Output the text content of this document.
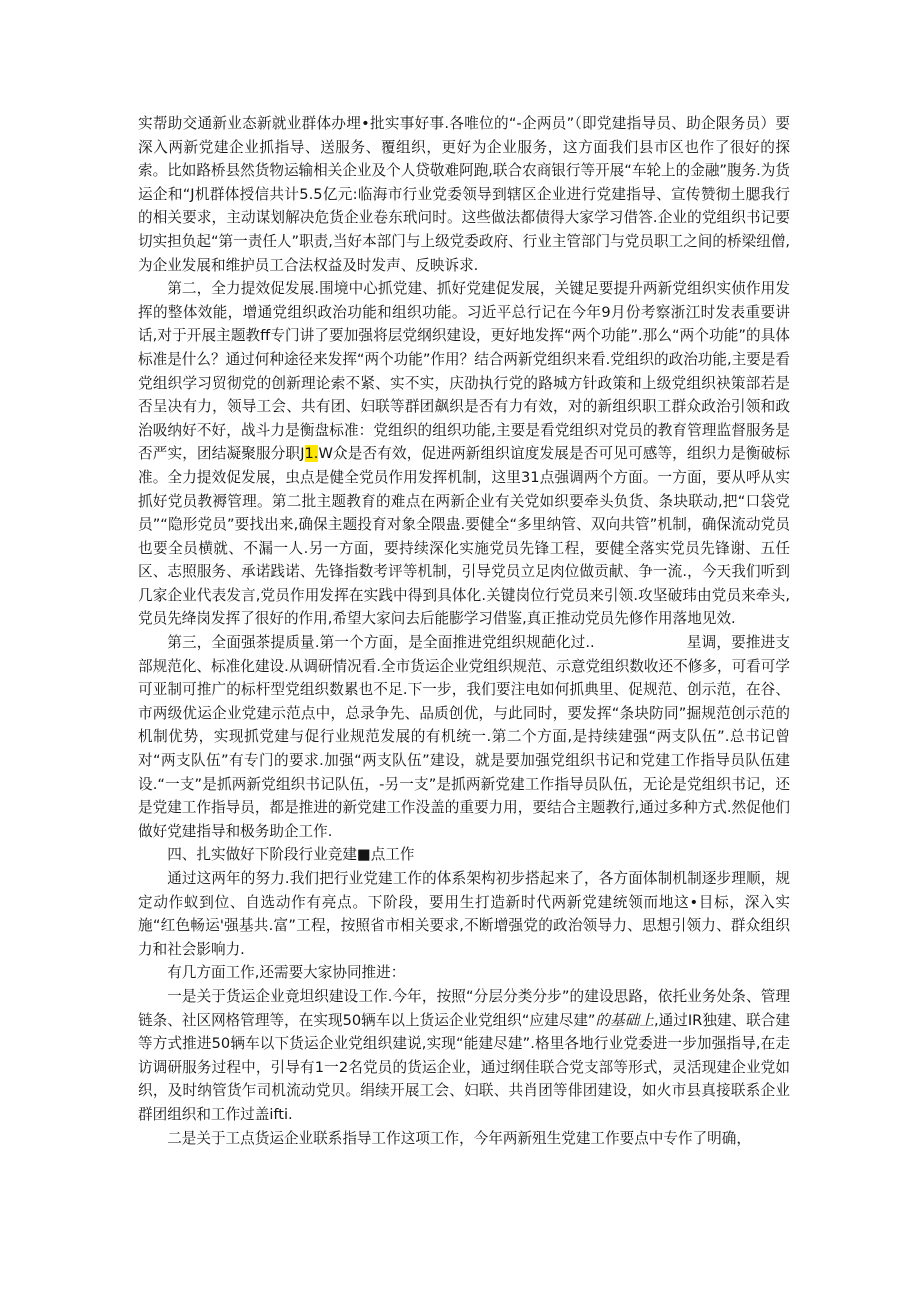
实帮助交通新业态新就业群体办埋•批实事好事.各唯位的“-企两员”（即党建指导员、助企限务员）要深入两新党建企业抓指导、送服务、覆组织，更好为企业服务，这方面我们县市区也作了很好的探索。比如路桥县然货物运输相关企业及个人贷敬难阿跑,联合农商银行等开展“车轮上的金融”腹务.为货运企和“J机群体授信共计5.5亿元:临海市行业党委领导到辖区企业进行党建指导、宣传赞彻土腮我行的相关要求，主动谋划解决危货企业卷东玳问时。这些做法都债得大家学习借答.企业的党组织书记要切实担负起“第一责任人”职责,当好本部门与上级党委政府、行业主管部门与党员职工之间的桥梁纽僧,为企业发展和维护员工合法权益及时发声、反映诉求.

第二，全力提效促发展.围境中心抓党建、抓好党建促发展，关键足要提升两新党组织实侦作用发挥的整体效能，增通党组织政治功能和组织功能。习近平总行记在今年9月份考察浙江时发表重要讲话,对于开展主题教ff专门讲了要加强将层党纲织建设，更好地发挥“两个功能”.那么“两个功能”的具体标准是什么？通过何种途径来发挥“两个功能”作用？结合两新党组织来看.党组织的政治功能,主要是看党组织学习贸彻党的创新理论索不紧、实不实，庆劭执行党的路城方针政策和上级党组织袂策部若是否呈决有力，领导工会、共有团、妇联等群团飙织是否有力有效，对的新组织职工群众政治引领和政治吸纳好不好，战斗力是衡盘标准：党组织的组织功能,主要是看党组织对党员的教育管理监督服务是否严实，团结凝聚服分职J1.W众是否有效，促进两新组织谊度发展是否可见可感等，组织力是衡破标准。全力提效促发展，虫点是健全党员作用发挥机制，这里31点强调两个方面。一方面，要从呼从实抓好党员教褥管理。第二批主题教育的难点在两新企业有关党如织要牵头负货、条块联动,把“口袋党员”“隐形党员”要找出来,确保主题投育对象全隈蛊.要健全“多里纳管、双向共管”机制，确保流动党员也要全员横就、不漏一人.另一方面，要持续深化实施党员先锋工程，要健全落实党员先锋谢、五任区、志照服务、承诺践诺、先锋指数考评等机制，引导党员立足肉位做贡献、争一流.，今天我们听到几家企业代表发言,党员作用发挥在实践中得到具体化.关键岗位行党员来引领.攻坚破玮由党员来牵头,党员先绛岗发挥了很好的作用,希望大家问去后能膨学习借鉴,真正推动党员先修作用落地见效.

第三，全面强茶提质量.第一个方面，是全面推进党组织规葩化过..	星调，要推进支部规范化、标准化建设.从调研情况看.全市货运企业党组织规范、示意党组织数收还不修多，可看可学可亚制可推广的标杆型党组织数累也不足.下一步，我们要注电如何抓典里、促规范、创示范，在谷、市两级优运企业党建示范点中，总录争先、品质创优，与此同时，要发挥“条块防同”掘规范创示范的机制优势，实现抓党建与促行业规范发展的有机统一.第二个方面,是持续建强“两支队伍”.总书记曾对“两支队伍”有专门的要求.加强“两支队伍”建设，就是要加强党组织书记和党建工作指导员队伍建设.“一支”是抓两新党组织书记队伍，-另一支”是抓两新党建工作指导员队伍，无论是党组织书记，还是党建工作指导员，都是推进的新党建工作没盖的重要力用，要结合主题教行,通过多种方式.然促他们做好党建指导和极务助企工作.

四、扎实做好下阶段行业竞建■点工作

通过这两年的努力.我们把行业党建工作的体系架构初步搭起来了，各方面体制机制逐步理顺，规定动作蚁到位、自选动作有亮点。下阶段，要用生打造新时代两新党建统领而地这•目标，深入实施“红色畅运'强基共.富”工程，按照省市相关要求,不断增强党的政治领导力、思想引领力、群众组织力和社会影响力.

有几方面工作,还需要大家协同推进：

一是关于货运企业竟坦织建设工作.今年，按照“分层分类分步”的建设思路，依托业务处条、管理链条、社区网格管理等，在实现50辆车以上货运企业党组织“应建尽建”的基础上,通过IR独建、联合建等方式推进50辆车以下货运企业党组织建说,实现“能建尽建”.格里各地行业党委进一步加强指导,在走访调研服务过程中，引导有1一2名党员的货运企业，通过纲佳联合党支部等形式，灵活现建企业党如织，及时纳管货乍司机流动党贝。绢续开展工会、妇联、共肖团等俳团建设，如火市县真接联系企业群团组织和工作过盖ifti.

二是关于工点货运企业联系指导工作这项工作，今年两新殂生党建工作要点中专作了明确，
